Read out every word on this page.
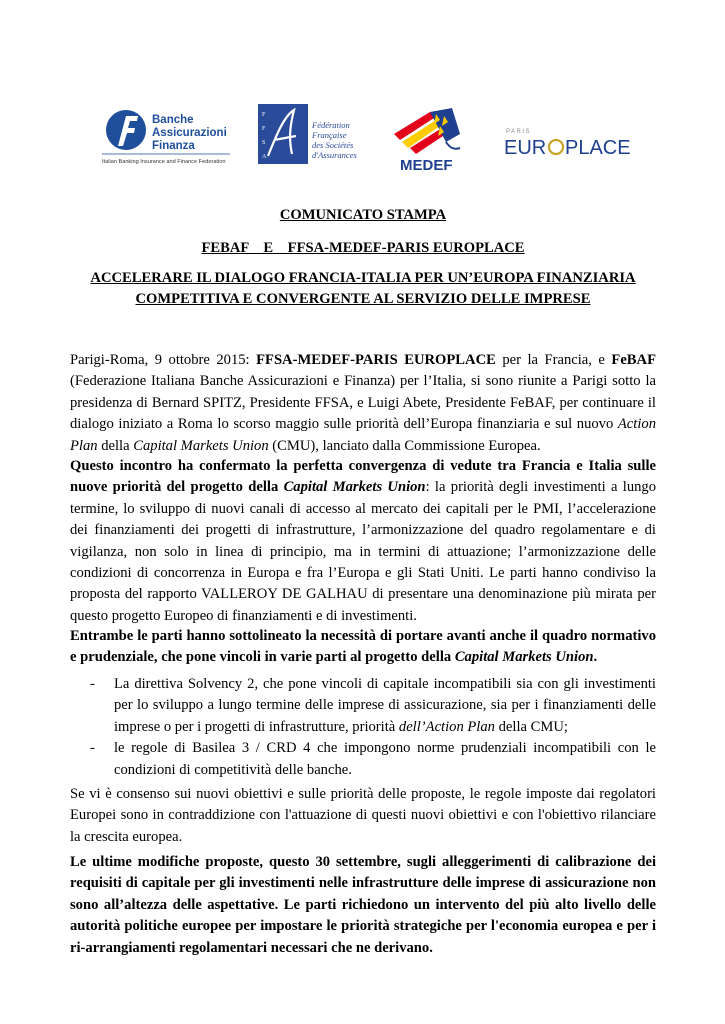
Banche
Assicurazioni
Finanza
Italian Banking Insurance and Finance Federation
F
F
S
A
Fédération
Française
des Sociétés
d'Assurances
MEDEF
PARIS
EUR PLACE
COMUNICATO STAMPA
FEBAF    E    FFSA-MEDEF-PARIS EUROPLACE
ACCELERARE IL DIALOGO FRANCIA-ITALIA PER UN’EUROPA FINANZIARIA
COMPETITIVA E CONVERGENTE AL SERVIZIO DELLE IMPRESE

Parigi-Roma, 9 ottobre 2015: FFSA-MEDEF-PARIS EUROPLACE per la Francia, e FeBAF (Federazione Italiana Banche Assicurazioni e Finanza) per l’Italia, si sono riunite a Parigi sotto la presidenza di Bernard SPITZ, Presidente FFSA, e Luigi Abete, Presidente FeBAF, per continuare il dialogo iniziato a Roma lo scorso maggio sulle priorità dell’Europa finanziaria e sul nuovo Action Plan della Capital Markets Union (CMU), lanciato dalla Commissione Europea.

Questo incontro ha confermato la perfetta convergenza di vedute tra Francia e Italia sulle nuove priorità del progetto della Capital Markets Union: la priorità degli investimenti a lungo termine, lo sviluppo di nuovi canali di accesso al mercato dei capitali per le PMI, l’accelerazione dei finanziamenti dei progetti di infrastrutture, l’armonizzazione del quadro regolamentare e di vigilanza, non solo in linea di principio, ma in termini di attuazione; l’armonizzazione delle condizioni di concorrenza in Europa e fra l’Europa e gli Stati Uniti. Le parti hanno condiviso la proposta del rapporto VALLEROY DE GALHAU di presentare una denominazione più mirata per questo progetto Europeo di finanziamenti e di investimenti.

Entrambe le parti hanno sottolineato la necessità di portare avanti anche il quadro normativo e prudenziale, che pone vincoli in varie parti al progetto della Capital Markets Union.

- La direttiva Solvency 2, che pone vincoli di capitale incompatibili sia con gli investimenti per lo sviluppo a lungo termine delle imprese di assicurazione, sia per i finanziamenti delle imprese o per i progetti di infrastrutture, priorità dell’Action Plan della CMU;
- le regole di Basilea 3 / CRD 4 che impongono norme prudenziali incompatibili con le condizioni di competitività delle banche.

Se vi è consenso sui nuovi obiettivi e sulle priorità delle proposte, le regole imposte dai regolatori Europei sono in contraddizione con l'attuazione di questi nuovi obiettivi e con l'obiettivo rilanciare la crescita europea.

Le ultime modifiche proposte, questo 30 settembre, sugli alleggerimenti di calibrazione dei requisiti di capitale per gli investimenti nelle infrastrutture delle imprese di assicurazione non sono all’altezza delle aspettative. Le parti richiedono un intervento del più alto livello delle autorità politiche europee per impostare le priorità strategiche per l'economia europea e per i ri-arrangiamenti regolamentari necessari che ne derivano.
